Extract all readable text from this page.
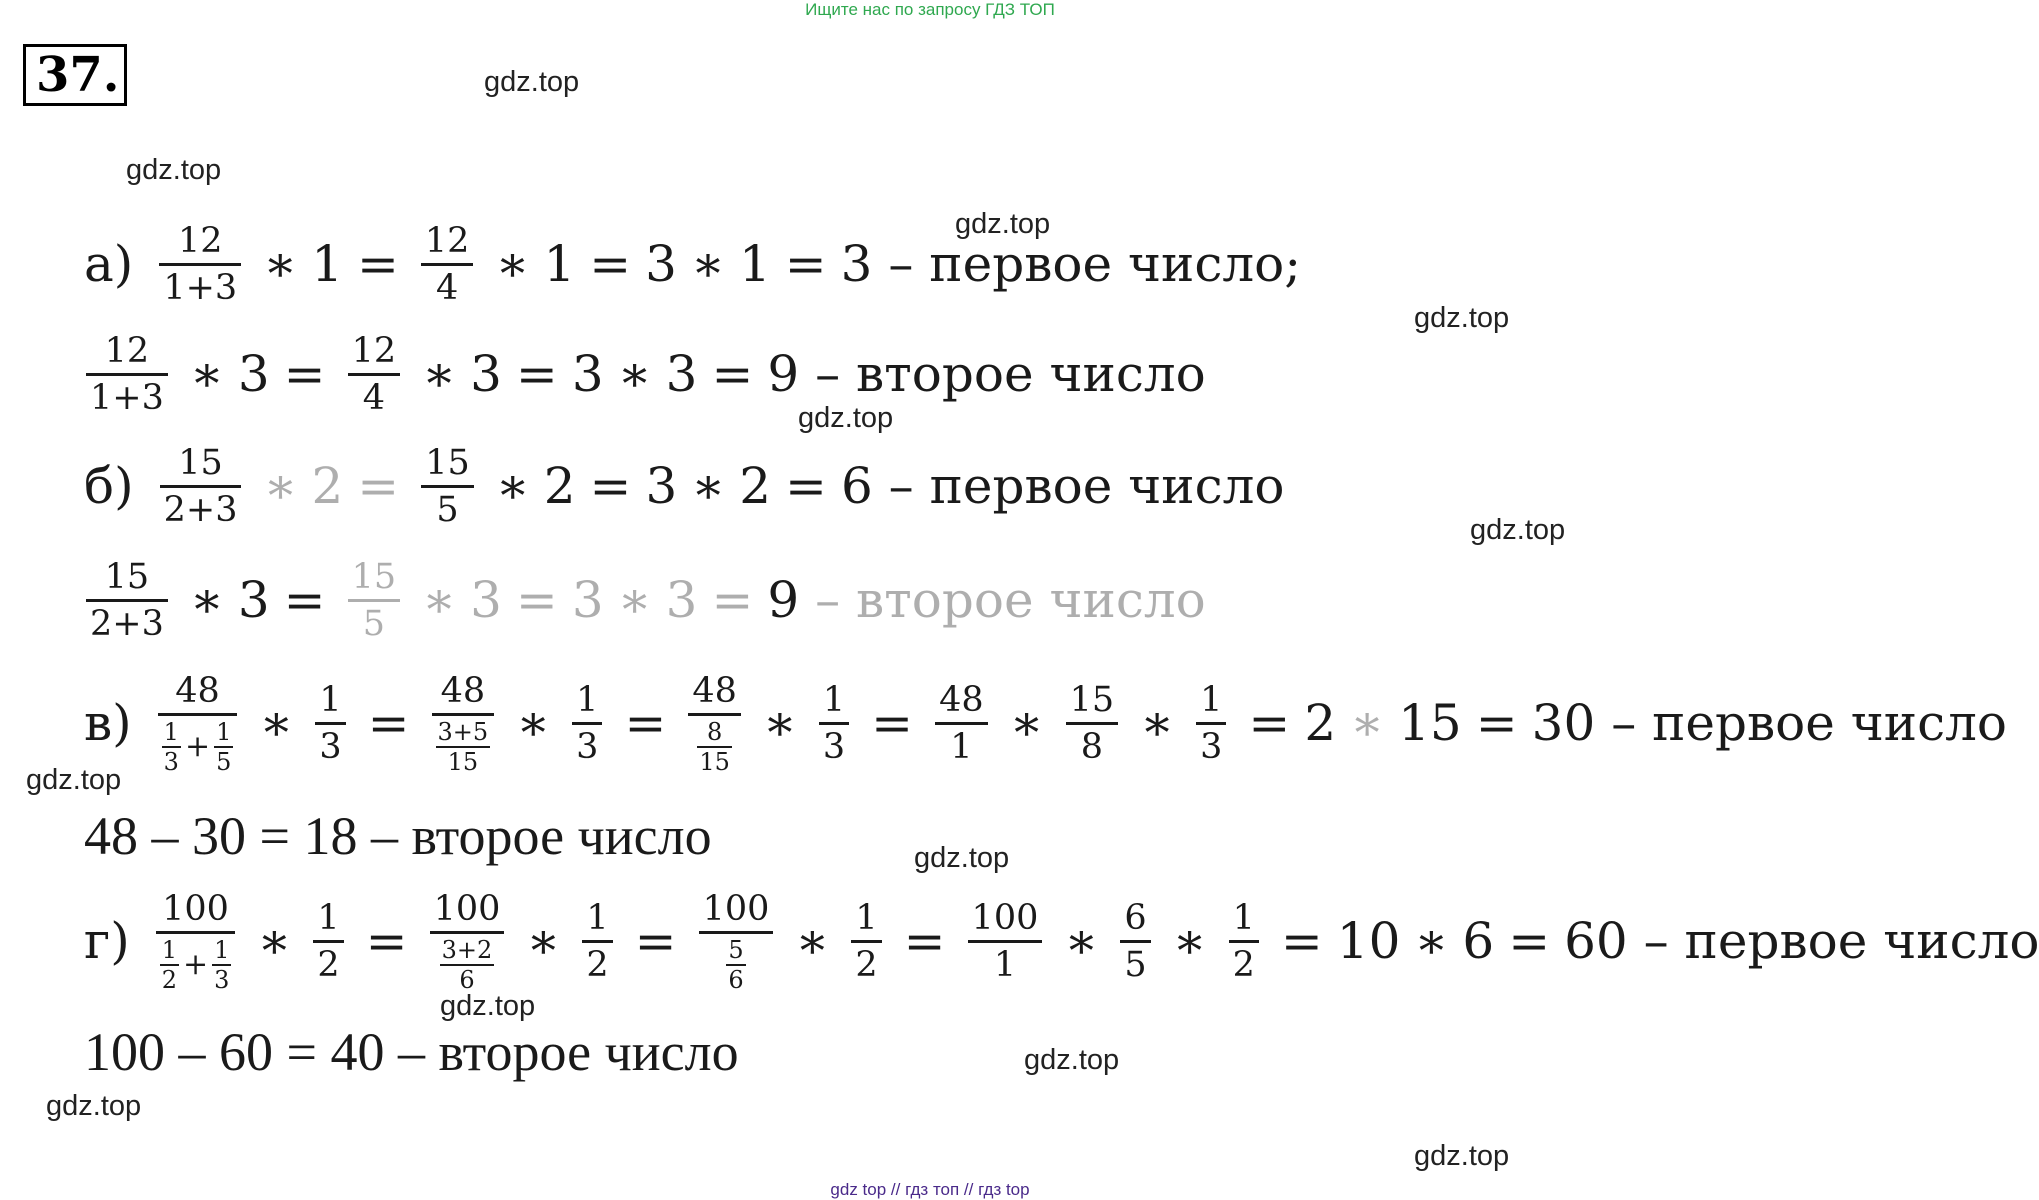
Ищите нас по запросу ГДЗ ТОП
37.	gdz.top
gdz.top
gdz.top
gdz.top
gdz.top
gdz.top
gdz.top
gdz.top
gdz.top
gdz.top
gdz.top
gdz.top
$а) \frac{12}{1+3}$ ∗ $1 = \frac{12}{4}$ ∗ 1 = 3 ∗ 1 = 3
– первое число;
$\frac{12}{1+3}$ ∗ $3 = \frac{12}{4}$ ∗ 3 = 3 ∗ 3 = 9
– второе число
$б) \frac{15}{2+3}$ ∗ $2 = \frac{15}{5}$ ∗ 2 = 3 ∗ 2 = 6
– первое число
$\frac{15}{2+3}$ ∗ $3 = \frac{15}{5}$ ∗ 3 = 3 ∗ 3 = 9
– второе число
$в) \frac{48}{\frac{1}{3} + \frac{1}{5}}$ ∗ $\frac{1}{3} = \frac{48}{\frac{3+5}{15}}$ ∗ $\frac{1}{3} = \frac{48}{\frac{8}{15}}$ ∗ $\frac{1}{3} = \frac{48}{1}$ ∗ $\frac{15}{8}$ ∗ $\frac{1}{3} = 2$ ∗ 15 = 30
– первое число
48 – 30 = 18 – второе число
$г) \frac{100}{\frac{1}{2} + \frac{1}{3}}$ ∗ $\frac{1}{2} = \frac{100}{\frac{3+2}{6}}$ ∗ $\frac{1}{2} = \frac{100}{\frac{5}{6}}$ ∗ $\frac{1}{2} = \frac{100}{1}$ ∗ $\frac{6}{5}$ ∗ $\frac{1}{2} = 10$ ∗ 6 = 60
– первое число
100 – 60 = 40 – второе число
gdz top // гдз топ // гдз top
